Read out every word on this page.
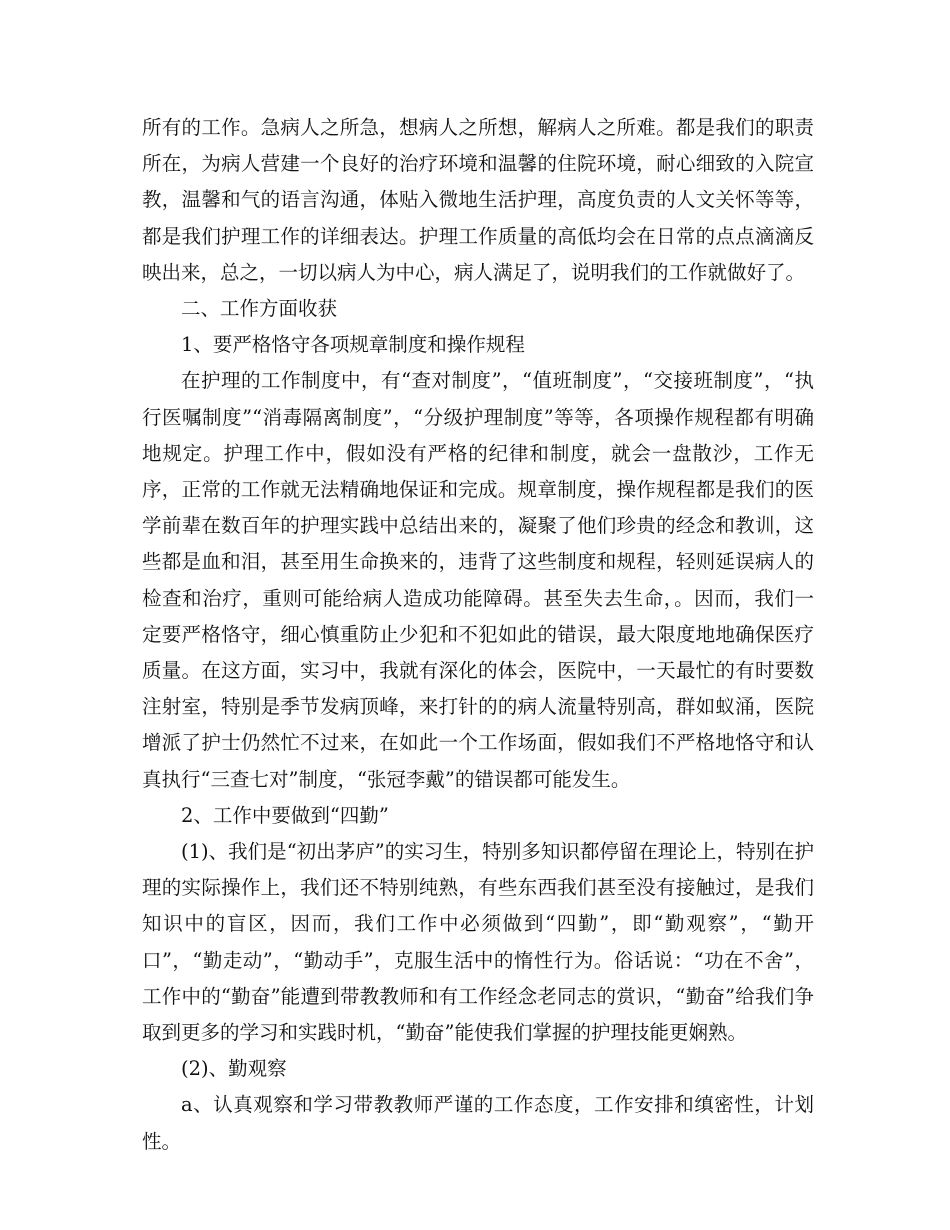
所有的工作。急病人之所急，想病人之所想，解病人之所难。都是我们的职责所在，为病人营建一个良好的治疗环境和温馨的住院环境，耐心细致的入院宣教，温馨和气的语言沟通，体贴入微地生活护理，高度负责的人文关怀等等，都是我们护理工作的详细表达。护理工作质量的高低均会在日常的点点滴滴反映出来，总之，一切以病人为中心，病人满足了，说明我们的工作就做好了。

二、工作方面收获

1、要严格恪守各项规章制度和操作规程

在护理的工作制度中，有“查对制度”，“值班制度”，“交接班制度”，“执行医嘱制度”“消毒隔离制度”，“分级护理制度”等等，各项操作规程都有明确地规定。护理工作中，假如没有严格的纪律和制度，就会一盘散沙，工作无序，正常的工作就无法精确地保证和完成。规章制度，操作规程都是我们的医学前辈在数百年的护理实践中总结出来的，凝聚了他们珍贵的经念和教训，这些都是血和泪，甚至用生命换来的，违背了这些制度和规程，轻则延误病人的检查和治疗，重则可能给病人造成功能障碍。甚至失去生命，。因而，我们一定要严格恪守，细心慎重防止少犯和不犯如此的错误，最大限度地地确保医疗质量。在这方面，实习中，我就有深化的体会，医院中，一天最忙的有时要数注射室，特别是季节发病顶峰，来打针的的病人流量特别高，群如蚁涌，医院增派了护士仍然忙不过来，在如此一个工作场面，假如我们不严格地恪守和认真执行“三查七对”制度，“张冠李戴”的错误都可能发生。

2、工作中要做到“四勤”

(1)、我们是“初出茅庐”的实习生，特别多知识都停留在理论上，特别在护理的实际操作上，我们还不特别纯熟，有些东西我们甚至没有接触过，是我们知识中的盲区，因而，我们工作中必须做到“四勤”，即“勤观察”，“勤开口”，“勤走动”，“勤动手”，克服生活中的惰性行为。俗话说：“功在不舍”，工作中的“勤奋”能遭到带教教师和有工作经念老同志的赏识，“勤奋”给我们争取到更多的学习和实践时机，“勤奋”能使我们掌握的护理技能更娴熟。

(2)、勤观察

a、认真观察和学习带教教师严谨的工作态度，工作安排和缜密性，计划性。
